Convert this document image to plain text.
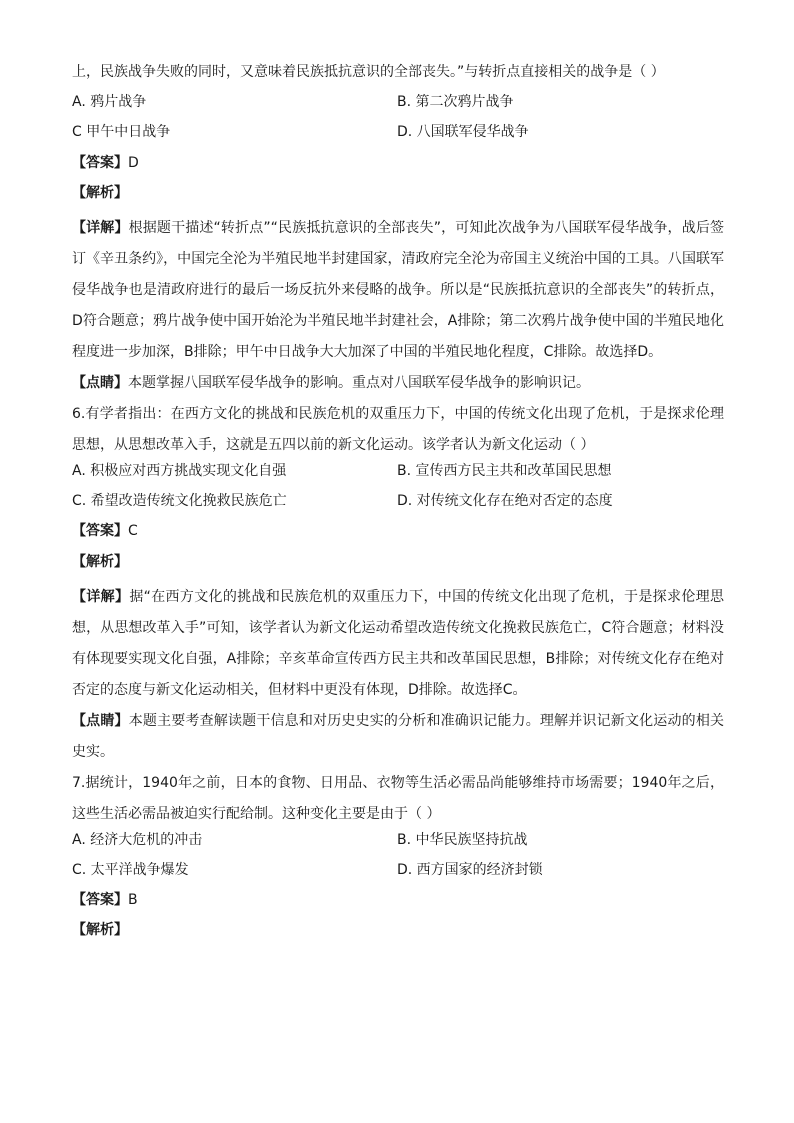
上，民族战争失败的同时，又意味着民族抵抗意识的全部丧失。”与转折点直接相关的战争是（ ）
A. 鸦片战争	B. 第二次鸦片战争
C 甲午中日战争	D. 八国联军侵华战争
【答案】D
【解析】
【详解】根据题干描述“转折点”“民族抵抗意识的全部丧失”，可知此次战争为八国联军侵华战争，战后签订《辛丑条约》，中国完全沦为半殖民地半封建国家，清政府完全沦为帝国主义统治中国的工具。八国联军侵华战争也是清政府进行的最后一场反抗外来侵略的战争。所以是“民族抵抗意识的全部丧失”的转折点，D符合题意；鸦片战争使中国开始沦为半殖民地半封建社会，A排除；第二次鸦片战争使中国的半殖民地化程度进一步加深，B排除；甲午中日战争大大加深了中国的半殖民地化程度，C排除。故选择D。
【点睛】本题掌握八国联军侵华战争的影响。重点对八国联军侵华战争的影响识记。
6.有学者指出：在西方文化的挑战和民族危机的双重压力下，中国的传统文化出现了危机，于是探求伦理思想，从思想改革入手，这就是五四以前的新文化运动。该学者认为新文化运动（ ）
A. 积极应对西方挑战实现文化自强	B. 宣传西方民主共和改革国民思想
C. 希望改造传统文化挽救民族危亡	D. 对传统文化存在绝对否定的态度
【答案】C
【解析】
【详解】据“在西方文化的挑战和民族危机的双重压力下，中国的传统文化出现了危机，于是探求伦理思想，从思想改革入手”可知，该学者认为新文化运动希望改造传统文化挽救民族危亡，C符合题意；材料没有体现要实现文化自强，A排除；辛亥革命宣传西方民主共和改革国民思想，B排除；对传统文化存在绝对否定的态度与新文化运动相关，但材料中更没有体现，D排除。故选择C。
【点睛】本题主要考查解读题干信息和对历史史实的分析和准确识记能力。理解并识记新文化运动的相关史实。
7.据统计，1940年之前，日本的食物、日用品、衣物等生活必需品尚能够维持市场需要；1940年之后，这些生活必需品被迫实行配给制。这种变化主要是由于（ ）
A. 经济大危机的冲击	B. 中华民族坚持抗战
C. 太平洋战争爆发	D. 西方国家的经济封锁
【答案】B
【解析】
